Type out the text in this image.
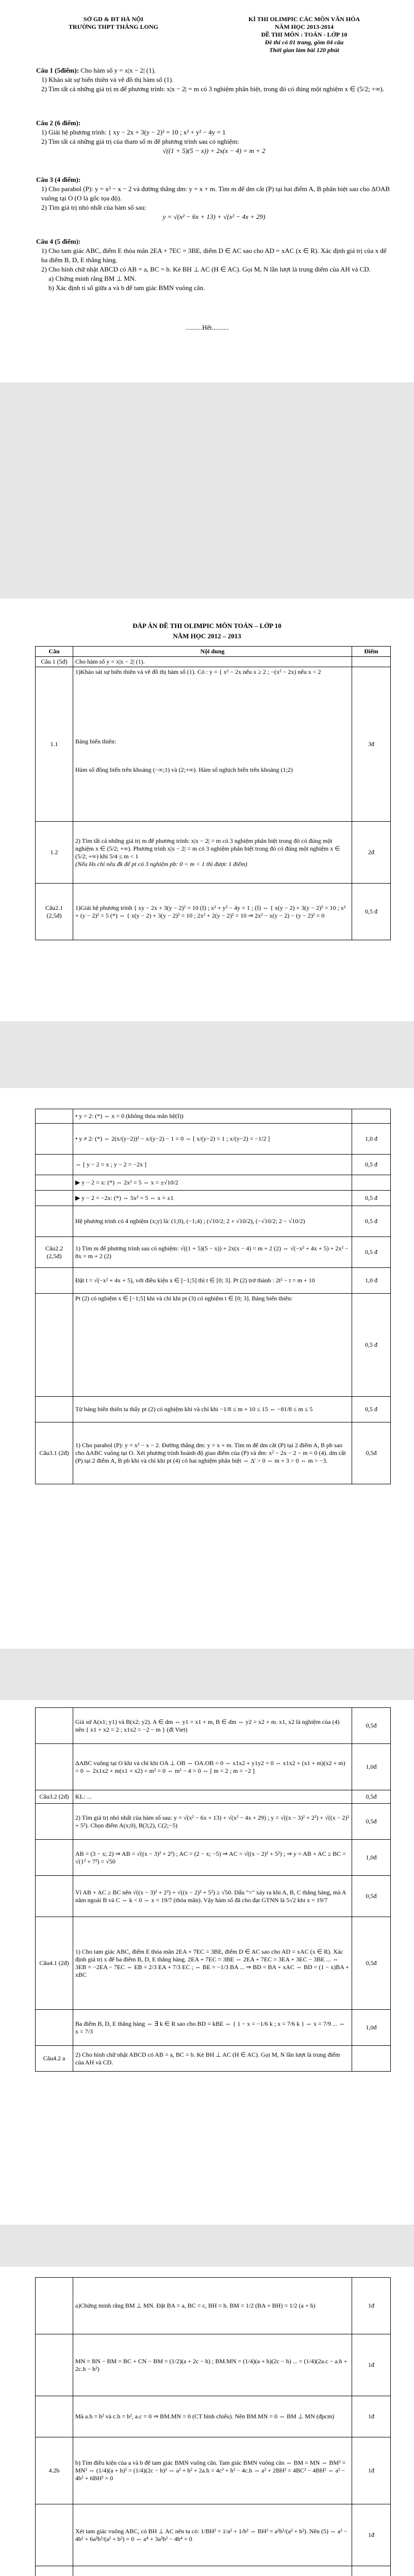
SỞ GD & ĐT HÀ NỘI
TRƯỜNG THPT THĂNG LONG
KÌ THI OLIMPIC CÁC MÔN VĂN HÓA
NĂM HỌC 2013-2014
ĐỀ THI MÔN : TOÁN - LỚP 10
Đề thi có 01 trang, gồm 04 câu
Thời gian làm bài 120 phút
Câu 1 (5điểm): Cho hàm số y = x|x − 2| (1).
1) Khảo sát sự biến thiên và vẽ đồ thị hàm số (1).
2) Tìm tất cả những giá trị m để phương trình: x|x − 2| = m có 3 nghiệm phân biệt, trong đó có đúng một nghiệm x ∈ (5/2; +∞).
Câu 2 (6 điểm):
1) Giải hệ phương trình: { xy − 2x + 3(y − 2)² = 10 ; x² + y² − 4y = 1
2) Tìm tất cả những giá trị của tham số m để phương trình sau có nghiệm:
√((1 + 5)(5 − x)) + 2x(x − 4) = m + 2
Câu 3 (4 điểm):
1) Cho parabol (P): y = x² − x − 2 và đường thẳng dm: y = x + m. Tìm m để dm cắt (P) tại hai điểm A, B phân biệt sao cho ΔOAB vuông tại O (O là gốc tọa độ).
2) Tìm giá trị nhỏ nhất của hàm số sau:
y = √(x² − 6x + 13) + √(x² − 4x + 29)
Câu 4 (5 điểm):
1) Cho tam giác ABC, điểm E thỏa mãn 2EA + 7EC = 3BE, điểm D ∈ AC sao cho AD = xAC (x ∈ R). Xác định giá trị của x để ba điểm B, D, E thẳng hàng.
2) Cho hình chữ nhật ABCD có AB = a, BC = b. Kẻ BH ⊥ AC (H ∈ AC). Gọi M, N lần lượt là trung điểm của AH và CD.
a) Chứng minh rằng BM ⊥ MN.
b) Xác định tỉ số giữa a và b để tam giác BMN vuông cân.
..........Hết..........
ĐÁP ÁN ĐỀ THI OLIMPIC MÔN TOÁN – LỚP 10
NĂM HỌC 2012 – 2013
Câu	Nội dung	Điểm
Câu 1 (5đ)	Cho hàm số y = x|x − 2| (1).	
1.1	1)Khảo sát sự biến thiên và vẽ đồ thị hàm số (1). Có : y = { x² − 2x nếu x ≥ 2 ; −(x² − 2x) nếu x < 2
Bảng biến thiên:
Hàm số đồng biến trên khoảng (−∞;1) và (2;+∞). Hàm số nghịch biến trên khoảng (1;2)	3đ
1.2	2) Tìm tất cả những giá trị m để phương trình: x|x − 2| = m có 3 nghiệm phân biệt trong đó có đúng một nghiệm x ∈ (5/2; +∞). Phương trình x|x − 2| = m có 3 nghiệm phân biệt trong đó có đúng một nghiệm x ∈ (5/2; +∞) khi 5/4 ≤ m < 1
(Nếu Hs chỉ nêu đk để pt có 3 nghiệm pb: 0 < m < 1 thì được 1 điểm)	2đ
Câu2.1 (2,5đ)	1)Giải hệ phương trình { xy − 2x + 3(y − 2)² = 10 (I) ; x² + y² − 4y = 1 ; (I) ⇔ { x(y − 2) + 3(y − 2)² = 10 ; x² + (y − 2)² = 5 (*) ⇔ { x(y − 2) + 3(y − 2)² = 10 ; 2x² + 2(y − 2)² = 10 ⇒ 2x² − x(y − 2) − (y − 2)² = 0	0,5 đ
	• y = 2: (*) ⇔ x = 0 (không thỏa mãn hệ(I))	
	• y ≠ 2: (*) ⇔ 2(x/(y−2))² − x/(y−2) − 1 = 0 ⇔ [ x/(y−2) = 1 ; x/(y−2) = −1/2 ]	1,0 đ
	⇔ [ y − 2 = x ; y − 2 = −2x ]	0,5 đ
	▶ y − 2 = x: (*) ⇔ 2x² = 5 ⇔ x = ±√10/2	
	▶ y − 2 = −2x: (*) ⇔ 5x² = 5 ⇔ x = ±1	0,5 đ
	Hệ phương trình có 4 nghiệm (x;y) là: (1;0), (−1;4) ; (√10/2; 2 + √10/2), (−√10/2; 2 − √10/2)	0,5 đ
Câu2.2 (2,5đ)	1) Tìm m để phương trình sau có nghiệm: √((1 + 5)(5 − x)) + 2x(x − 4) = m + 2 (2) ⇔ √(−x² + 4x + 5) + 2x² − 8x = m + 2 (2)	0,5 đ
	Đặt t = √(−x² + 4x + 5), với điều kiện x ∈ [−1;5] thì t ∈ [0; 3]. Pt (2) trở thành : 2t² − t = m + 10	1,0 đ
	Pt (2) có nghiệm x ∈ [−1;5] khi và chỉ khi pt (3) có nghiệm t ∈ [0; 3]. Bảng biến thiên:	0,5 đ
	Từ bảng biến thiên ta thấy pt (2) có nghiệm khi và chỉ khi −1/8 ≤ m + 10 ≤ 15 ⇔ −81/8 ≤ m ≤ 5	0,5 đ
Câu3.1 (2đ)	1) Cho parabol (P): y = x² − x − 2. Đường thẳng dm: y = x + m. Tìm m để dm cắt (P) tại 2 điểm A, B pb sao cho ΔABC vuông tại O. Xét phương trình hoành độ giao điểm của (P) và dm: x² − 2x − 2 − m = 0 (4). dm cắt (P) tại 2 điểm A, B pb khi và chỉ khi pt (4) có hai nghiệm phân biệt ⇔ Δ' > 0 ⇔ m + 3 > 0 ⇔ m > −3.	0,5đ
	Giả sử A(x1; y1) và B(x2; y2). A ∈ dm ⇔ y1 = x1 + m, B ∈ dm ⇔ y2 = x2 + m. x1, x2 là nghiệm của (4) nên { x1 + x2 = 2 ; x1x2 = −2 − m } (đl Viet)	0,5đ
	ΔABC vuông tại O khi và chỉ khi OA ⊥ OB ⇔ OA.OB = 0 ⇔ x1x2 + y1y2 = 0 ⇔ x1x2 + (x1 + m)(x2 + m) = 0 ⇔ 2x1x2 + m(x1 + x2) + m² = 0 ⇔ m² − 4 = 0 ⇔ [ m = 2 ; m = −2 ]	1,0đ
Câu3.2 (2đ)	KL: ...	0,5đ
	2) Tìm giá trị nhỏ nhất của hàm số sau: y = √(x² − 6x + 13) + √(x² − 4x + 29) ; y = √((x − 3)² + 2²) + √((x − 2)² + 5²). Chọn điểm A(x;0), B(3;2), C(2;−5)	0,5đ
	AB = (3 − x; 2) ⇒ AB = √((x − 3)² + 2²) ; AC = (2 − x; −5) ⇒ AC = √((x − 2)² + 5²) ; ⇒ y = AB + AC ≥ BC = √(1² + 7²) = √50	1,0đ
	Vì AB + AC ≥ BC nên √((x − 3)² + 2²) + √((x − 2)² + 5²) ≥ √50. Dấu "=" xảy ra khi A, B, C thẳng hàng, mà A nằm ngoài B và C ⇔ k < 0 ⇔ x = 19/7 (thỏa mãn). Vậy hàm số đã cho đạt GTNN là 5√2 khi x = 19/7	0,5đ
Câu4.1 (2đ)	1) Cho tam giác ABC, điểm E thỏa mãn 2EA + 7EC = 3BE, điểm D ∈ AC sao cho AD = xAC (x ∈ R). Xác định giá trị x để ba điểm B, D, E thẳng hàng. 2EA + 7EC = 3BE ⇔ 2EA + 7EC = 3EA + 3EC − 3BE ... ⇔ 3EB = −2EA − 7EC ⇔ EB = 2/3 EA + 7/3 EC ; ⇔ BE = −1/3 BA ... ⇒ BD = BA + xAC ⇔ BD = (1 − x)BA + xBC	0,5đ
	Ba điểm B, D, E thẳng hàng ⇔ ∃ k ∈ R sao cho BD = kBE ⇔ { 1 − x = −1/6 k ; x = 7/6 k } ⇔ x = 7/9 ... ⇔ x = 7/3	1,0đ
Câu4.2 a	2) Cho hình chữ nhật ABCD có AB = a, BC = b. Kẻ BH ⊥ AC (H ∈ AC). Gọi M, N lần lượt là trung điểm của AH và CD.	
	a)Chứng minh rằng BM ⊥ MN. Đặt BA = a, BC = c, BH = h. BM = 1/2 (BA + BH) = 1/2 (a + h)	1đ
	MN = BN − BM = BC + CN − BM = (1/2)(a + 2c − h) ; BM.MN = (1/4)(a + h)(2c − h) ... = (1/4)(2a.c − a.h + 2c.h − h²)	1đ
	Mà a.h = h² và c.h = h², a.c = 0 ⇒ BM.MN = 0 (CT hình chiếu). Nên BM.MN = 0 ⇔ BM ⊥ MN (đpcm)	1đ
4.2b	b) Tìm điều kiện của a và b để tam giác BMN vuông cân. Tam giác BMN vuông cân ⇔ BM = MN ⇔ BM² = MN² ⇔ (1/4)(a + h)² = (1/4)(2c − h)² ⇔ a² + h² + 2a.h = 4c² + h² − 4c.h ⇔ a² + 2BH² = 4BC² − 4BH² ⇔ a² − 4b² + 6BH² = 0	1đ
	Xét tam giác vuông ABC, có BH ⊥ AC nên ta có: 1/BH² = 1/a² + 1/b² ⇔ BH² = a²b²/(a² + b²). Nên (5) ⇔ a² − 4b² + 6a²b²/(a² + b²) = 0 ⇔ a⁴ + 3a²b² − 4b⁴ = 0	1đ
